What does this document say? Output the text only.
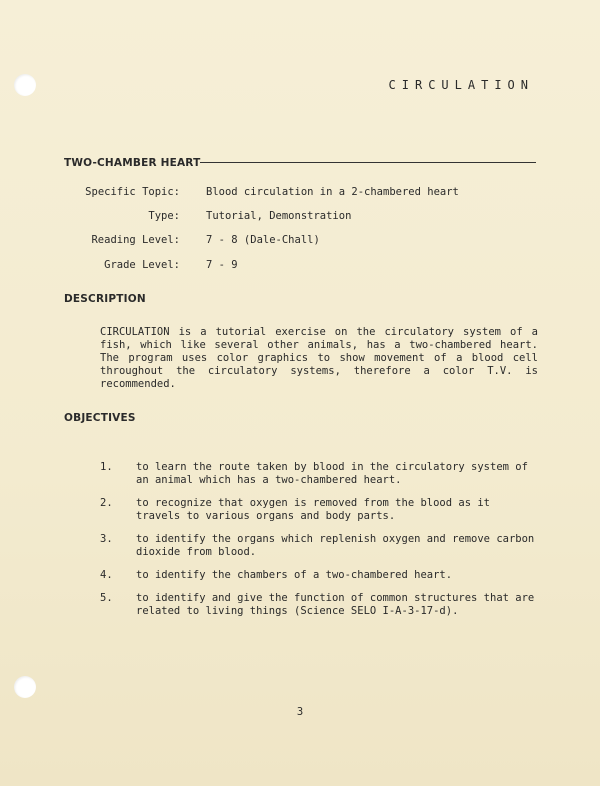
CIRCULATION
TWO-CHAMBER HEART
Specific Topic: Blood circulation in a 2-chambered heart
Type: Tutorial, Demonstration
Reading Level: 7 - 8 (Dale-Chall)
Grade Level: 7 - 9
DESCRIPTION
CIRCULATION is a tutorial exercise on the circulatory system of a fish, which like several other animals, has a two-chambered heart. The program uses color graphics to show movement of a blood cell throughout the circulatory systems, therefore a color T.V. is recommended.
OBJECTIVES
1. to learn the route taken by blood in the circulatory system of an animal which has a two-chambered heart.
2. to recognize that oxygen is removed from the blood as it travels to various organs and body parts.
3. to identify the organs which replenish oxygen and remove carbon dioxide from blood.
4. to identify the chambers of a two-chambered heart.
5. to identify and give the function of common structures that are related to living things (Science SELO I-A-3-17-d).
3
